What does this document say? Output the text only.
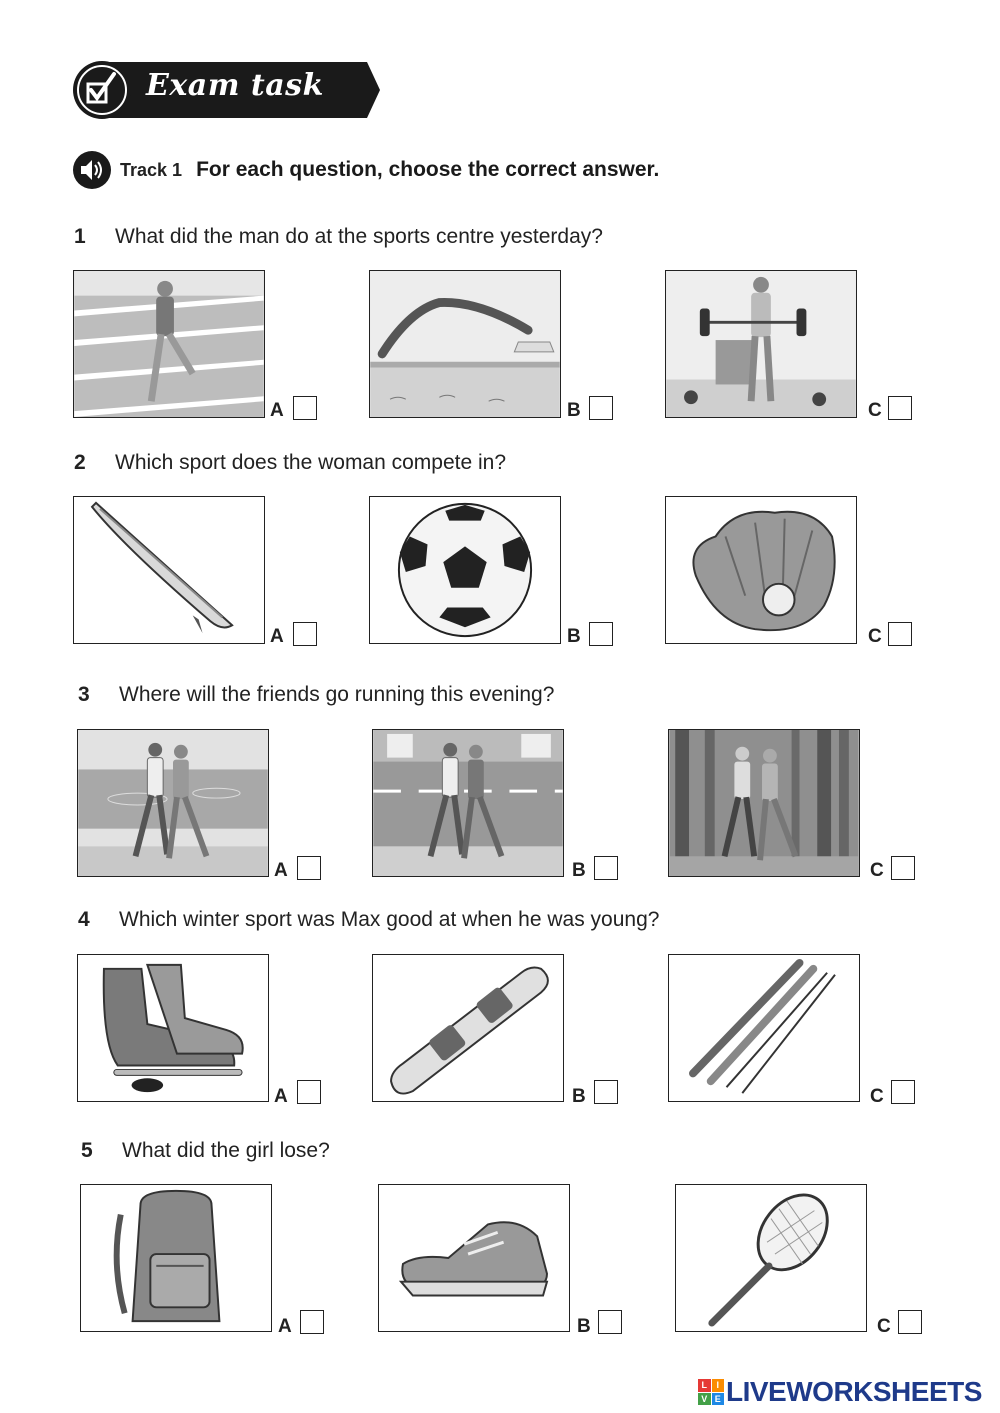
Exam task
Track 1 For each question, choose the correct answer.
1 What did the man do at the sports centre yesterday?
A	B	C
2 Which sport does the woman compete in?
A	B	C
3 Where will the friends go running this evening?
A	B	C
4 Which winter sport was Max good at when he was young?
A	B	C
5 What did the girl lose?
A	B	C
L	I
V E LIVEWORKSHEETS
